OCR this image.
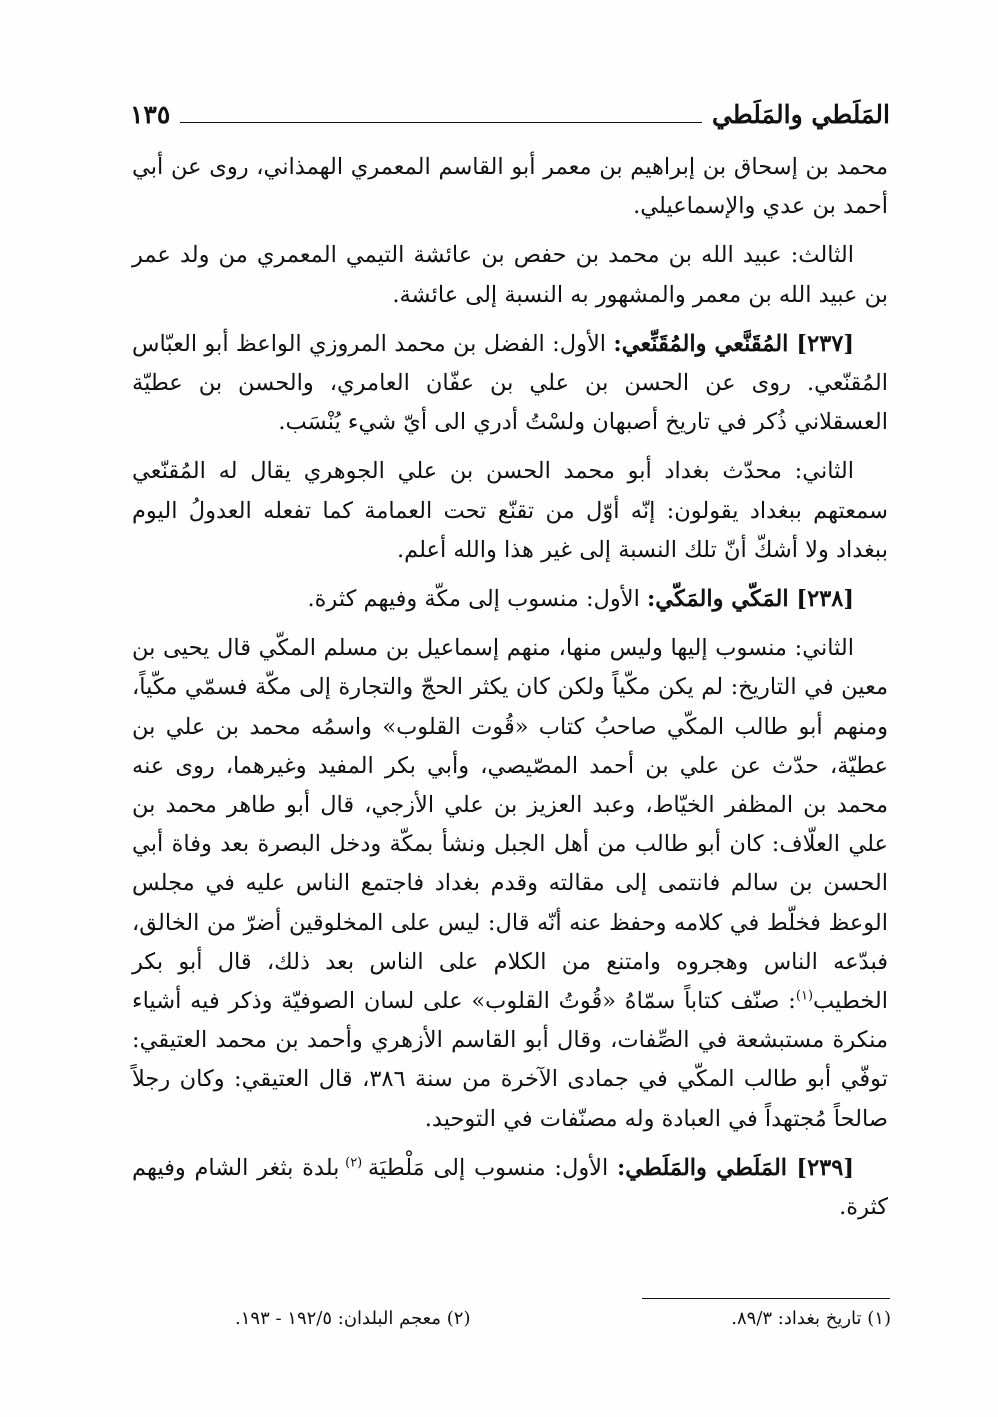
المَلَطي والمَلَطي
١٣٥

محمد بن إسحاق بن إبراهيم بن معمر أبو القاسم المعمري الهمذاني، روى عن أبي أحمد بن عدي والإسماعيلي.

الثالث: عبيد الله بن محمد بن حفص بن عائشة التيمي المعمري من ولد عمر بن عبيد الله بن معمر والمشهور به النسبة إلى عائشة.

[٢٣٧] المُقَنَّعي والمُقَنِّعي: الأول: الفضل بن محمد المروزي الواعظ أبو العبّاس المُقنّعي. روى عن الحسن بن علي بن عفّان العامري، والحسن بن عطيّة العسقلاني ذُكر في تاريخ أصبهان ولسْتُ أدري الى أيّ شيء يُنْسَب.

الثاني: محدّث بغداد أبو محمد الحسن بن علي الجوهري يقال له المُقنّعي سمعتهم ببغداد يقولون: إنّه أوّل من تقنّع تحت العمامة كما تفعله العدولُ اليوم ببغداد ولا أشكّ أنّ تلك النسبة إلى غير هذا والله أعلم.

[٢٣٨] المَكّي والمَكّي: الأول: منسوب إلى مكّة وفيهم كثرة.

الثاني: منسوب إليها وليس منها، منهم إسماعيل بن مسلم المكّي قال يحيى بن معين في التاريخ: لم يكن مكّياً ولكن كان يكثر الحجّ والتجارة إلى مكّة فسمّي مكّياً، ومنهم أبو طالب المكّي صاحبُ كتاب «قُوت القلوب» واسمُه محمد بن علي بن عطيّة، حدّث عن علي بن أحمد المصّيصي، وأبي بكر المفيد وغيرهما، روى عنه محمد بن المظفر الخيّاط، وعبد العزيز بن علي الأزجي، قال أبو طاهر محمد بن علي العلّاف: كان أبو طالب من أهل الجبل ونشأ بمكّة ودخل البصرة بعد وفاة أبي الحسن بن سالم فانتمى إلى مقالته وقدم بغداد فاجتمع الناس عليه في مجلس الوعظ فخلّط في كلامه وحفظ عنه أنّه قال: ليس على المخلوقين أضرّ من الخالق، فبدّعه الناس وهجروه وامتنع من الكلام على الناس بعد ذلك، قال أبو بكر الخطيب$^{(١)}$: صنّف كتاباً سمّاهُ «قُوتُ القلوب» على لسان الصوفيّة وذكر فيه أشياء منكرة مستبشعة في الصِّفات، وقال أبو القاسم الأزهري وأحمد بن محمد العتيقي: توفّي أبو طالب المكّي في جمادى الآخرة من سنة ٣٨٦، قال العتيقي: وكان رجلاً صالحاً مُجتهداً في العبادة وله مصنّفات في التوحيد.

[٢٣٩] المَلَطي والمَلَطي: الأول: منسوب إلى مَلْطيَة $^{(٢)}$ بلدة بثغر الشام وفيهم كثرة.

(١) تاريخ بغداد: ٨٩/٣.
(٢) معجم البلدان: ١٩٢/٥ - ١٩٣.
